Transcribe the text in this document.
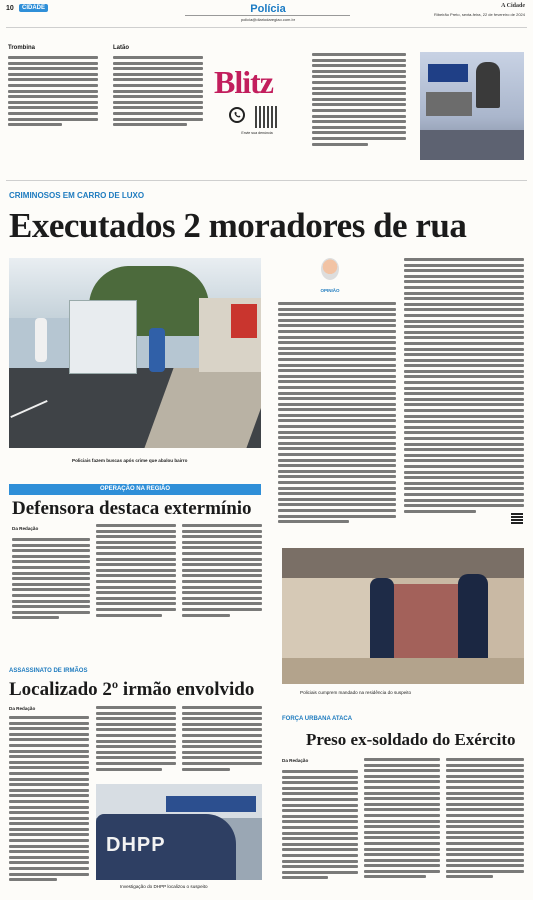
10	CIDADE	Polícia
policia@diariodaregiao.com.br
A Cidade
Ribeirão Preto, sexta-feira, 22 de fevereiro de 2024
Trombina	Latão
Blitz
Envie sua denúncia
CRIMINOSOS EM CARRO DE LUXO
Executados 2 moradores de rua
Policiais fazem buscas após crime que abalou bairro
OPINIÃO
OPERAÇÃO NA REGIÃO
Defensora destaca extermínio
Da Redação
Policiais cumprem mandado na residência do suspeito
ASSASSINATO DE IRMÃOS
Localizado 2º irmão envolvido
Da Redação
DHPP
Investigação do DHPP localizou o suspeito
FORÇA URBANA ATACA
Preso ex-soldado do Exército
Da Redação
